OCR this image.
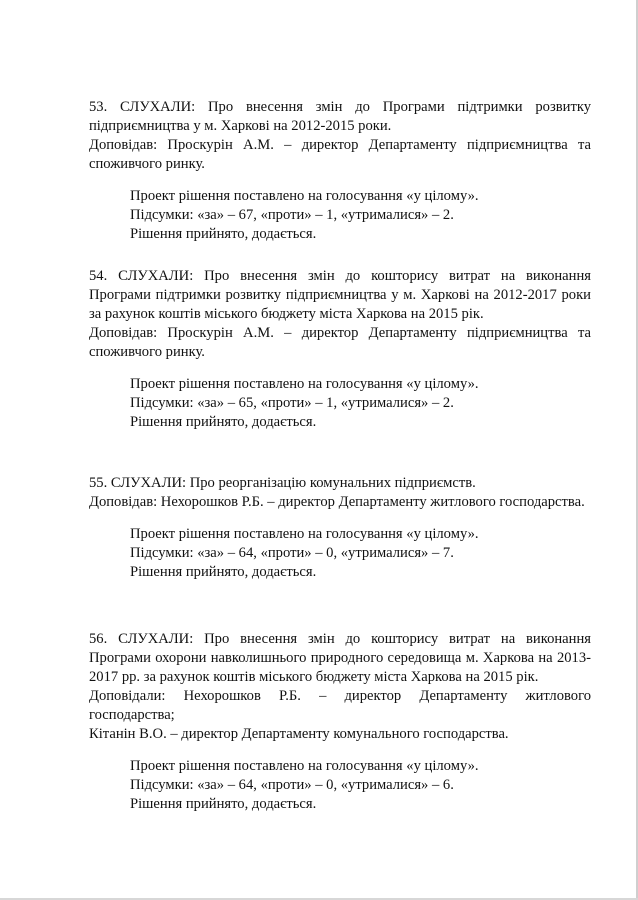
53. СЛУХАЛИ: Про внесення змін до Програми підтримки розвитку підприємництва у м. Харкові на 2012-2015 роки.

Доповідав: Проскурін А.М. – директор Департаменту підприємництва та споживчого ринку.

Проект рішення поставлено на голосування «у цілому».

Підсумки: «за» – 67, «проти» – 1, «утрималися» – 2.

Рішення прийнято, додається.

54. СЛУХАЛИ: Про внесення змін до кошторису витрат на виконання Програми підтримки розвитку підприємництва у м. Харкові на 2012-2017 роки за рахунок коштів міського бюджету міста Харкова на 2015 рік.

Доповідав: Проскурін А.М. – директор Департаменту підприємництва та споживчого ринку.

Проект рішення поставлено на голосування «у цілому».

Підсумки: «за» – 65, «проти» – 1, «утрималися» – 2.

Рішення прийнято, додається.

55. СЛУХАЛИ: Про реорганізацію комунальних підприємств.

Доповідав: Нехорошков Р.Б. – директор Департаменту житлового господарства.

Проект рішення поставлено на голосування «у цілому».

Підсумки: «за» – 64, «проти» – 0, «утрималися» – 7.

Рішення прийнято, додається.

56. СЛУХАЛИ: Про внесення змін до кошторису витрат на виконання Програми охорони навколишнього природного середовища м. Харкова на 2013-2017 рр. за рахунок коштів міського бюджету міста Харкова на 2015 рік.

Доповідали: Нехорошков Р.Б. – директор Департаменту житлового господарства;

Кітанін В.О. – директор Департаменту комунального господарства.

Проект рішення поставлено на голосування «у цілому».

Підсумки: «за» – 64, «проти» – 0, «утрималися» – 6.

Рішення прийнято, додається.
